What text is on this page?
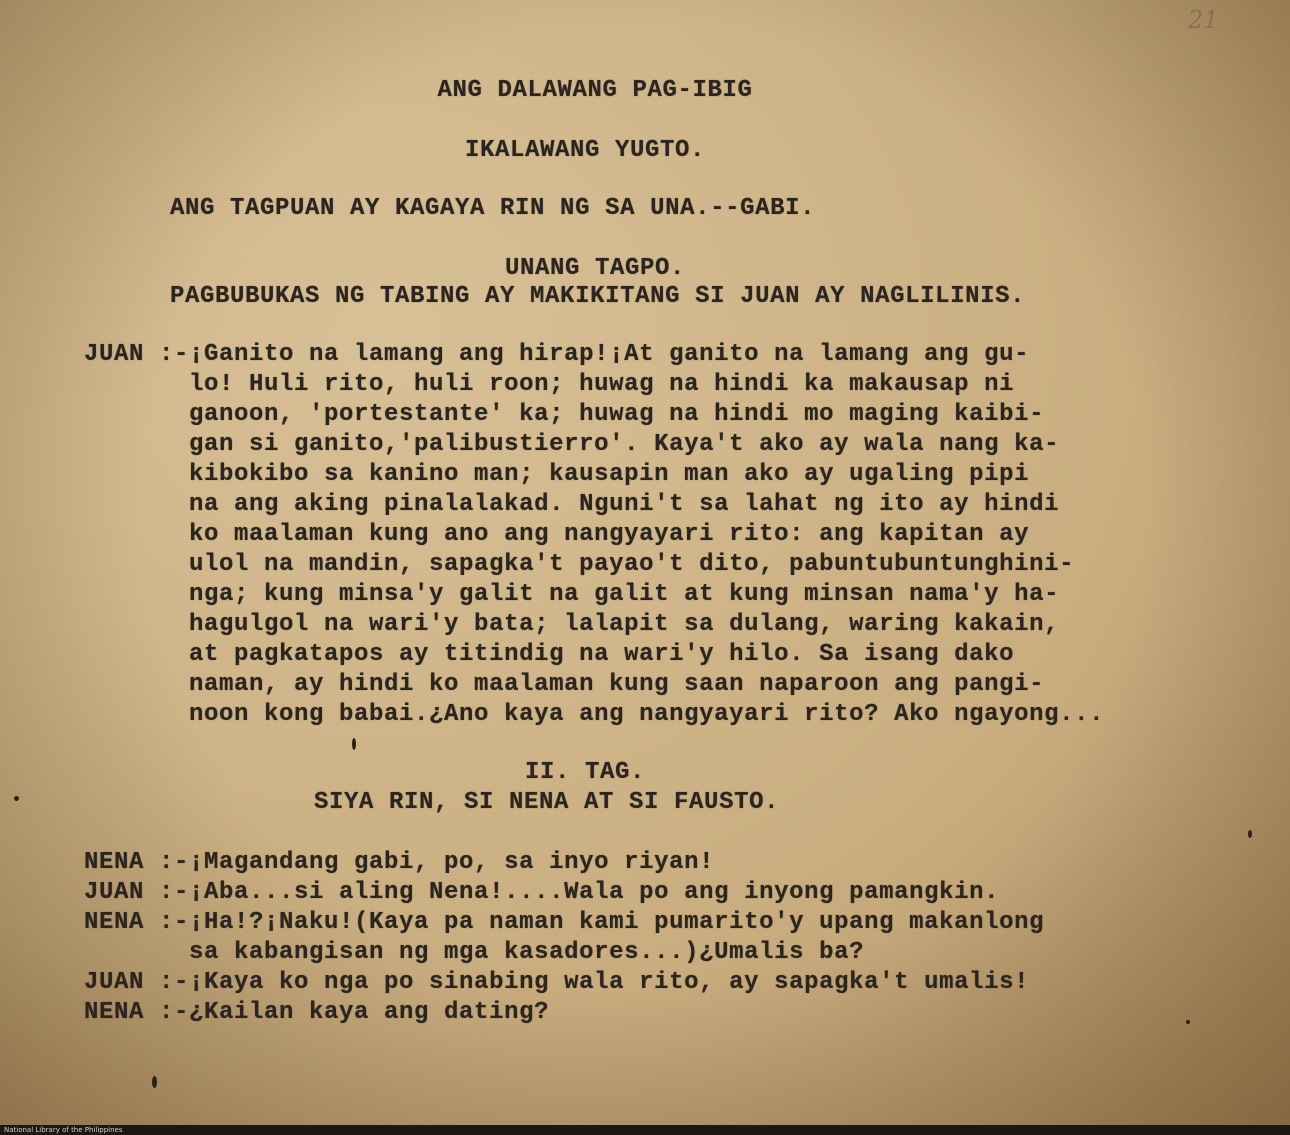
21

ANG DALAWANG PAG-IBIG

IKALAWANG YUGTO.

ANG TAGPUAN AY KAGAYA RIN NG SA UNA.--GABI.

UNANG TAGPO.

PAGBUBUKAS NG TABING AY MAKIKITANG SI JUAN AY NAGLILINIS.

JUAN :-¡Ganito na lamang ang hirap!¡At ganito na lamang ang gu-
lo! Huli rito, huli roon; huwag na hindi ka makausap ni
ganoon, 'portestante' ka; huwag na hindi mo maging kaibi-
gan si ganito,'palibustierro'. Kaya't ako ay wala nang ka-
kibokibo sa kanino man; kausapin man ako ay ugaling pipi
na ang aking pinalalakad. Nguni't sa lahat ng ito ay hindi
ko maalaman kung ano ang nangyayari rito: ang kapitan ay
ulol na mandin, sapagka't payao't dito, pabuntubuntunghini-
nga; kung minsa'y galit na galit at kung minsan nama'y ha-
hagulgol na wari'y bata; lalapit sa dulang, waring kakain,
at pagkatapos ay titindig na wari'y hilo. Sa isang dako
naman, ay hindi ko maalaman kung saan naparoon ang pangi-
noon kong babai.¿Ano kaya ang nangyayari rito? Ako ngayong...

II. TAG.

SIYA RIN, SI NENA AT SI FAUSTO.

NENA :-¡Magandang gabi, po, sa inyo riyan!
JUAN :-¡Aba...si aling Nena!....Wala po ang inyong pamangkin.
NENA :-¡Ha!?¡Naku!(Kaya pa naman kami pumarito'y upang makanlong
sa kabangisan ng mga kasadores...)¿Umalis ba?
JUAN :-¡Kaya ko nga po sinabing wala rito, ay sapagka't umalis!
NENA :-¿Kailan kaya ang dating?

National Library of the Philippines
